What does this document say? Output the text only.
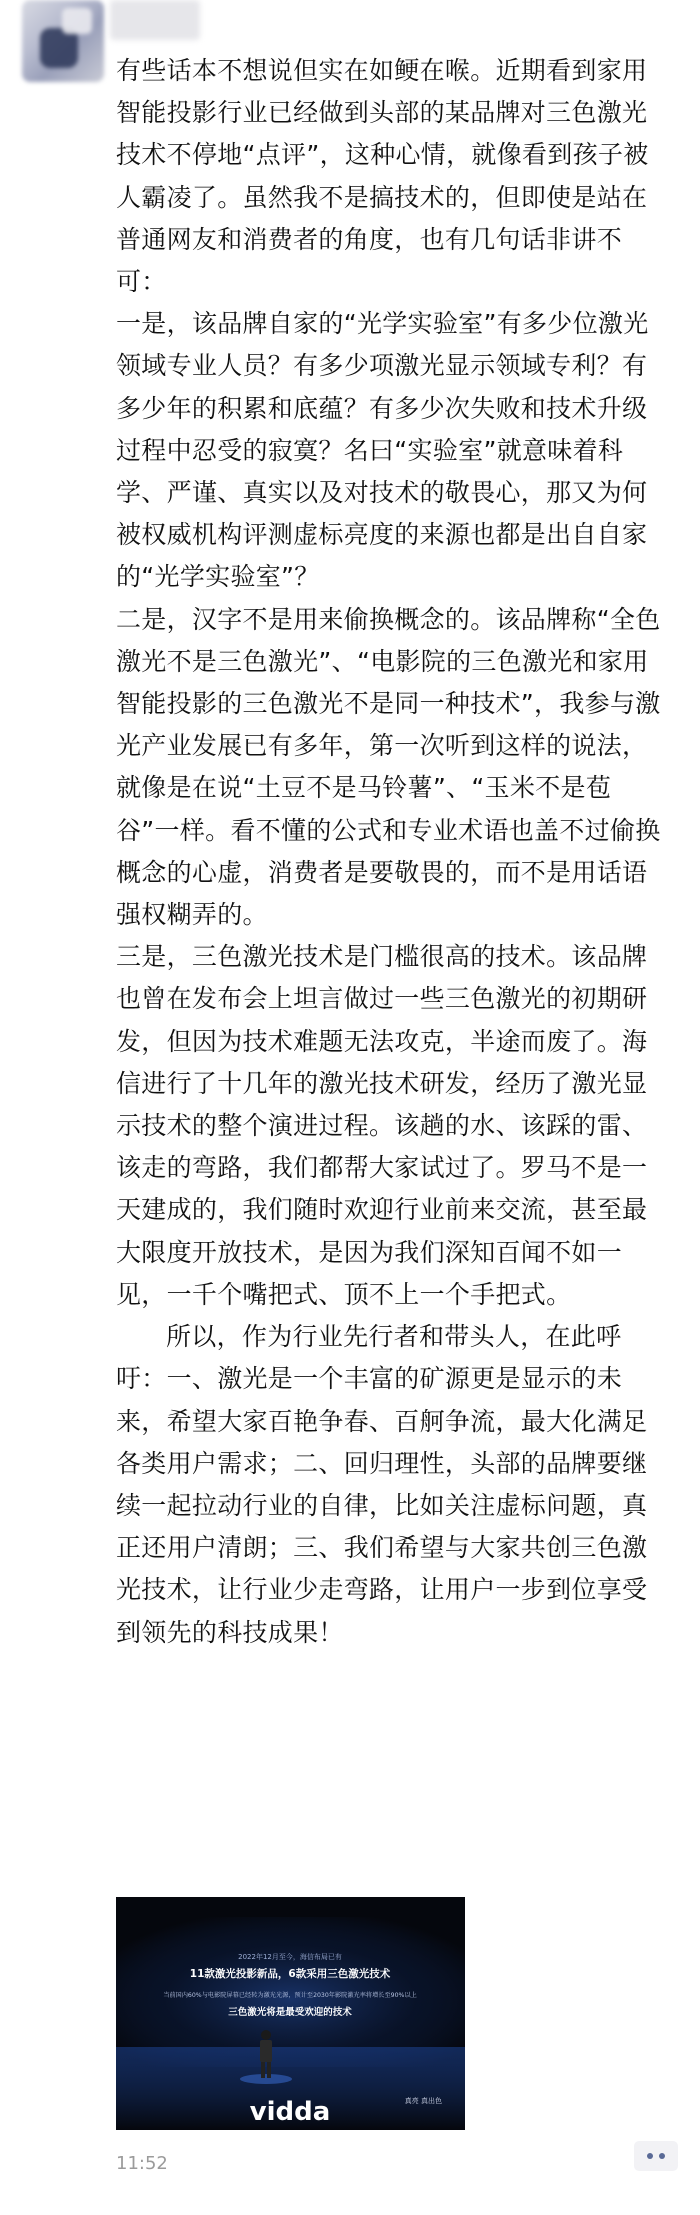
有些话本不想说但实在如鲠在喉。近期看到家用智能投影行业已经做到头部的某品牌对三色激光技术不停地“点评”，这种心情，就像看到孩子被人霸凌了。虽然我不是搞技术的，但即使是站在普通网友和消费者的角度，也有几句话非讲不可：

一是，该品牌自家的“光学实验室”有多少位激光领域专业人员？有多少项激光显示领域专利？有多少年的积累和底蕴？有多少次失败和技术升级过程中忍受的寂寞？名曰“实验室”就意味着科学、严谨、真实以及对技术的敬畏心，那又为何被权威机构评测虚标亮度的来源也都是出自自家的“光学实验室”？

二是，汉字不是用来偷换概念的。该品牌称“全色激光不是三色激光”、“电影院的三色激光和家用智能投影的三色激光不是同一种技术”，我参与激光产业发展已有多年，第一次听到这样的说法，就像是在说“土豆不是马铃薯”、“玉米不是苞谷”一样。看不懂的公式和专业术语也盖不过偷换概念的心虚，消费者是要敬畏的，而不是用话语强权糊弄的。

三是，三色激光技术是门槛很高的技术。该品牌也曾在发布会上坦言做过一些三色激光的初期研发，但因为技术难题无法攻克，半途而废了。海信进行了十几年的激光技术研发，经历了激光显示技术的整个演进过程。该趟的水、该踩的雷、该走的弯路，我们都帮大家试过了。罗马不是一天建成的，我们随时欢迎行业前来交流，甚至最大限度开放技术，是因为我们深知百闻不如一见，一千个嘴把式、顶不上一个手把式。

所以，作为行业先行者和带头人，在此呼吁：一、激光是一个丰富的矿源更是显示的未来，希望大家百艳争春、百舸争流，最大化满足各类用户需求；二、回归理性，头部的品牌要继续一起拉动行业的自律，比如关注虚标问题，真正还用户清朗；三、我们希望与大家共创三色激光技术，让行业少走弯路，让用户一步到位享受到领先的科技成果！

2022年12月至今，海信布局已有
11款激光投影新品，6款采用三色激光技术
当前国内60%与电影院屏幕已经转为激光光源，预计至2030年影院激光率将增长至90%以上
三色激光将是最受欢迎的技术
vidda	真亮 真出色
11:52
